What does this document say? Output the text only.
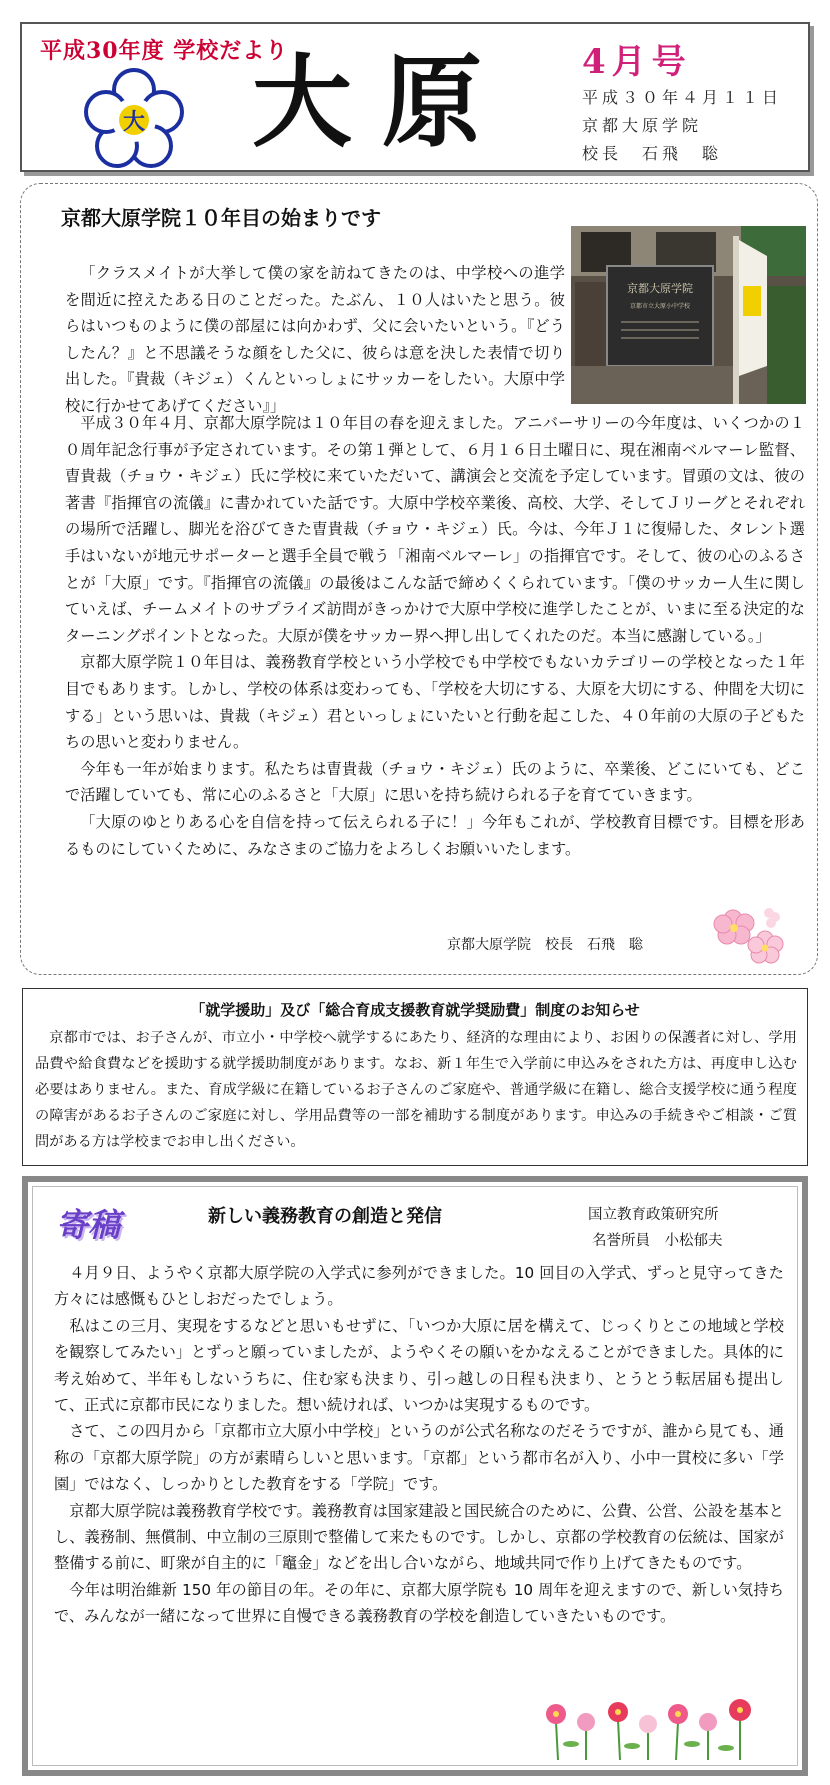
平成30年度 学校だより
大 大原 4月号
平成３０年４月１１日
京都大原学院
校長　石飛　聡
京都大原学院１０年目の始まりです
京都大原学院
京都市立大原小中学校
「クラスメイトが大挙して僕の家を訪ねてきたのは、中学校への進学を間近に控えたある日のことだった。たぶん、１０人はいたと思う。彼らはいつものように僕の部屋には向かわず、父に会いたいという。『どうしたん？』と不思議そうな顔をした父に、彼らは意を決した表情で切り出した。『貴裁（キジェ）くんといっしょにサッカーをしたい。大原中学校に行かせてあげてください』」

平成３０年４月、京都大原学院は１０年目の春を迎えました。アニバーサリーの今年度は、いくつかの１０周年記念行事が予定されています。その第１弾として、６月１６日土曜日に、現在湘南ベルマーレ監督、曺貴裁（チョウ・キジェ）氏に学校に来ていただいて、講演会と交流を予定しています。冒頭の文は、彼の著書『指揮官の流儀』に書かれていた話です。大原中学校卒業後、高校、大学、そしてＪリーグとそれぞれの場所で活躍し、脚光を浴びてきた曺貴裁（チョウ・キジェ）氏。今は、今年Ｊ１に復帰した、タレント選手はいないが地元サポーターと選手全員で戦う「湘南ベルマーレ」の指揮官です。そして、彼の心のふるさとが「大原」です。『指揮官の流儀』の最後はこんな話で締めくくられています。「僕のサッカー人生に関していえば、チームメイトのサプライズ訪問がきっかけで大原中学校に進学したことが、いまに至る決定的なターニングポイントとなった。大原が僕をサッカー界へ押し出してくれたのだ。本当に感謝している。」

京都大原学院１０年目は、義務教育学校という小学校でも中学校でもないカテゴリーの学校となった１年目でもあります。しかし、学校の体系は変わっても、「学校を大切にする、大原を大切にする、仲間を大切にする」という思いは、貴裁（キジェ）君といっしょにいたいと行動を起こした、４０年前の大原の子どもたちの思いと変わりません。

今年も一年が始まります。私たちは曺貴裁（チョウ・キジェ）氏のように、卒業後、どこにいても、どこで活躍していても、常に心のふるさと「大原」に思いを持ち続けられる子を育てていきます。

「大原のゆとりある心を自信を持って伝えられる子に！」今年もこれが、学校教育目標です。目標を形あるものにしていくために、みなさまのご協力をよろしくお願いいたします。

京都大原学院　校長　石飛　聡
「就学援助」及び「総合育成支援教育就学奨励費」制度のお知らせ
京都市では、お子さんが、市立小・中学校へ就学するにあたり、経済的な理由により、お困りの保護者に対し、学用品費や給食費などを援助する就学援助制度があります。なお、新１年生で入学前に申込みをされた方は、再度申し込む必要はありません。また、育成学級に在籍しているお子さんのご家庭や、普通学級に在籍し、総合支援学校に通う程度の障害があるお子さんのご家庭に対し、学用品費等の一部を補助する制度があります。申込みの手続きやご相談・ご質問がある方は学校までお申し出ください。
寄稿	新しい義務教育の創造と発信	国立教育政策研究所
名誉所員　小松郁夫

４月９日、ようやく京都大原学院の入学式に参列ができました。10 回目の入学式、ずっと見守ってきた方々には感慨もひとしおだったでしょう。

私はこの三月、実現をするなどと思いもせずに、「いつか大原に居を構えて、じっくりとこの地域と学校を観察してみたい」とずっと願っていましたが、ようやくその願いをかなえることができました。具体的に考え始めて、半年もしないうちに、住む家も決まり、引っ越しの日程も決まり、とうとう転居届も提出して、正式に京都市民になりました。想い続ければ、いつかは実現するものです。

さて、この四月から「京都市立大原小中学校」というのが公式名称なのだそうですが、誰から見ても、通称の「京都大原学院」の方が素晴らしいと思います。「京都」という都市名が入り、小中一貫校に多い「学園」ではなく、しっかりとした教育をする「学院」です。

京都大原学院は義務教育学校です。義務教育は国家建設と国民統合のために、公費、公営、公設を基本とし、義務制、無償制、中立制の三原則で整備して来たものです。しかし、京都の学校教育の伝統は、国家が整備する前に、町衆が自主的に「竈金」などを出し合いながら、地域共同で作り上げてきたものです。

今年は明治維新 150 年の節目の年。その年に、京都大原学院も 10 周年を迎えますので、新しい気持ちで、みんなが一緒になって世界に自慢できる義務教育の学校を創造していきたいものです。
